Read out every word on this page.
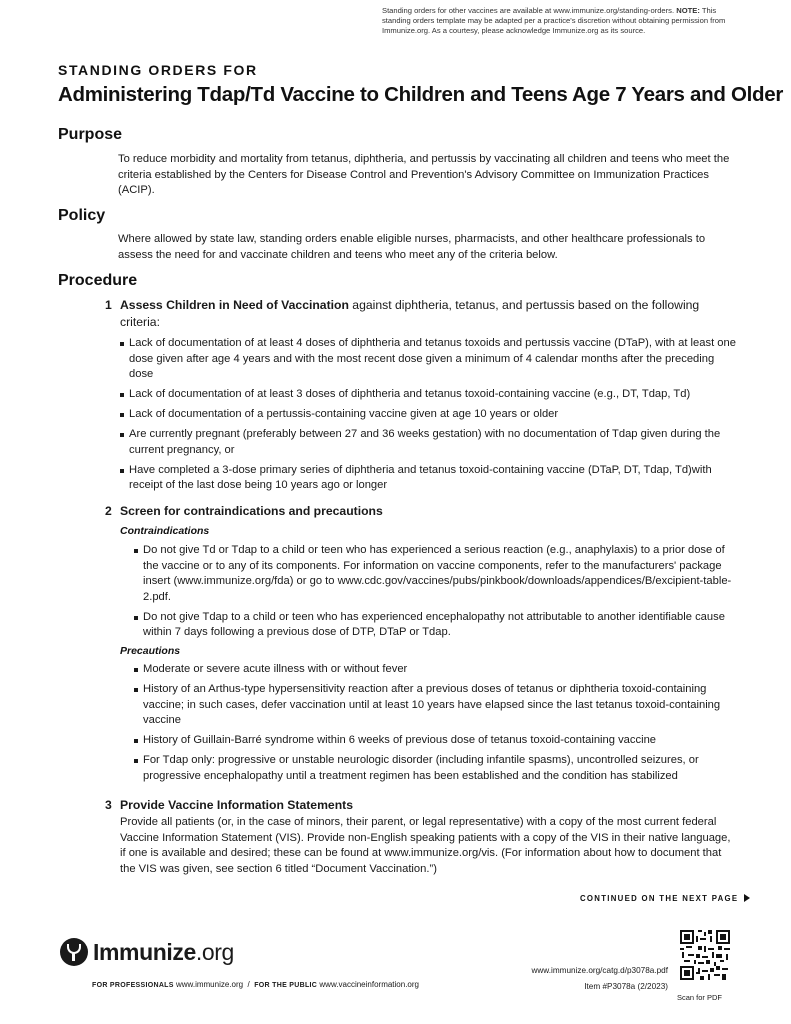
Standing orders for other vaccines are available at www.immunize.org/standing-orders. NOTE: This standing orders template may be adapted per a practice's discretion without obtaining permission from Immunize.org. As a courtesy, please acknowledge Immunize.org as its source.
STANDING ORDERS FOR
Administering Tdap/Td Vaccine to Children and Teens Age 7 Years and Older
Purpose
To reduce morbidity and mortality from tetanus, diphtheria, and pertussis by vaccinating all children and teens who meet the criteria established by the Centers for Disease Control and Prevention's Advisory Committee on Immunization Practices (ACIP).
Policy
Where allowed by state law, standing orders enable eligible nurses, pharmacists, and other healthcare professionals to assess the need for and vaccinate children and teens who meet any of the criteria below.
Procedure
1 Assess Children in Need of Vaccination against diphtheria, tetanus, and pertussis based on the following criteria:
Lack of documentation of at least 4 doses of diphtheria and tetanus toxoids and pertussis vaccine (DTaP), with at least one dose given after age 4 years and with the most recent dose given a minimum of 4 calendar months after the preceding dose
Lack of documentation of at least 3 doses of diphtheria and tetanus toxoid-containing vaccine (e.g., DT, Tdap, Td)
Lack of documentation of a pertussis-containing vaccine given at age 10 years or older
Are currently pregnant (preferably between 27 and 36 weeks gestation) with no documentation of Tdap given during the current pregnancy, or
Have completed a 3-dose primary series of diphtheria and tetanus toxoid-containing vaccine (DTaP, DT, Tdap, Td)with receipt of the last dose being 10 years ago or longer
2 Screen for contraindications and precautions
Contraindications
Do not give Td or Tdap to a child or teen who has experienced a serious reaction (e.g., anaphylaxis) to a prior dose of the vaccine or to any of its components. For information on vaccine components, refer to the manufacturers' package insert (www.immunize.org/fda) or go to www.cdc.gov/vaccines/pubs/pinkbook/downloads/appendices/B/excipient-table-2.pdf.
Do not give Tdap to a child or teen who has experienced encephalopathy not attributable to another identifiable cause within 7 days following a previous dose of DTP, DTaP or Tdap.
Precautions
Moderate or severe acute illness with or without fever
History of an Arthus-type hypersensitivity reaction after a previous doses of tetanus or diphtheria toxoid-containing vaccine; in such cases, defer vaccination until at least 10 years have elapsed since the last tetanus toxoid-containing vaccine
History of Guillain-Barré syndrome within 6 weeks of previous dose of tetanus toxoid-containing vaccine
For Tdap only: progressive or unstable neurologic disorder (including infantile spasms), uncontrolled seizures, or progressive encephalopathy until a treatment regimen has been established and the condition has stabilized
3 Provide Vaccine Information Statements
Provide all patients (or, in the case of minors, their parent, or legal representative) with a copy of the most current federal Vaccine Information Statement (VIS). Provide non-English speaking patients with a copy of the VIS in their native language, if one is available and desired; these can be found at www.immunize.org/vis. (For information about how to document that the VIS was given, see section 6 titled “Document Vaccination.”)
CONTINUED ON THE NEXT PAGE
Immunize.org
FOR PROFESSIONALS www.immunize.org / FOR THE PUBLIC www.vaccineinformation.org
www.immunize.org/catg.d/p3078a.pdf
Item #P3078a (2/2023)
Scan for PDF
